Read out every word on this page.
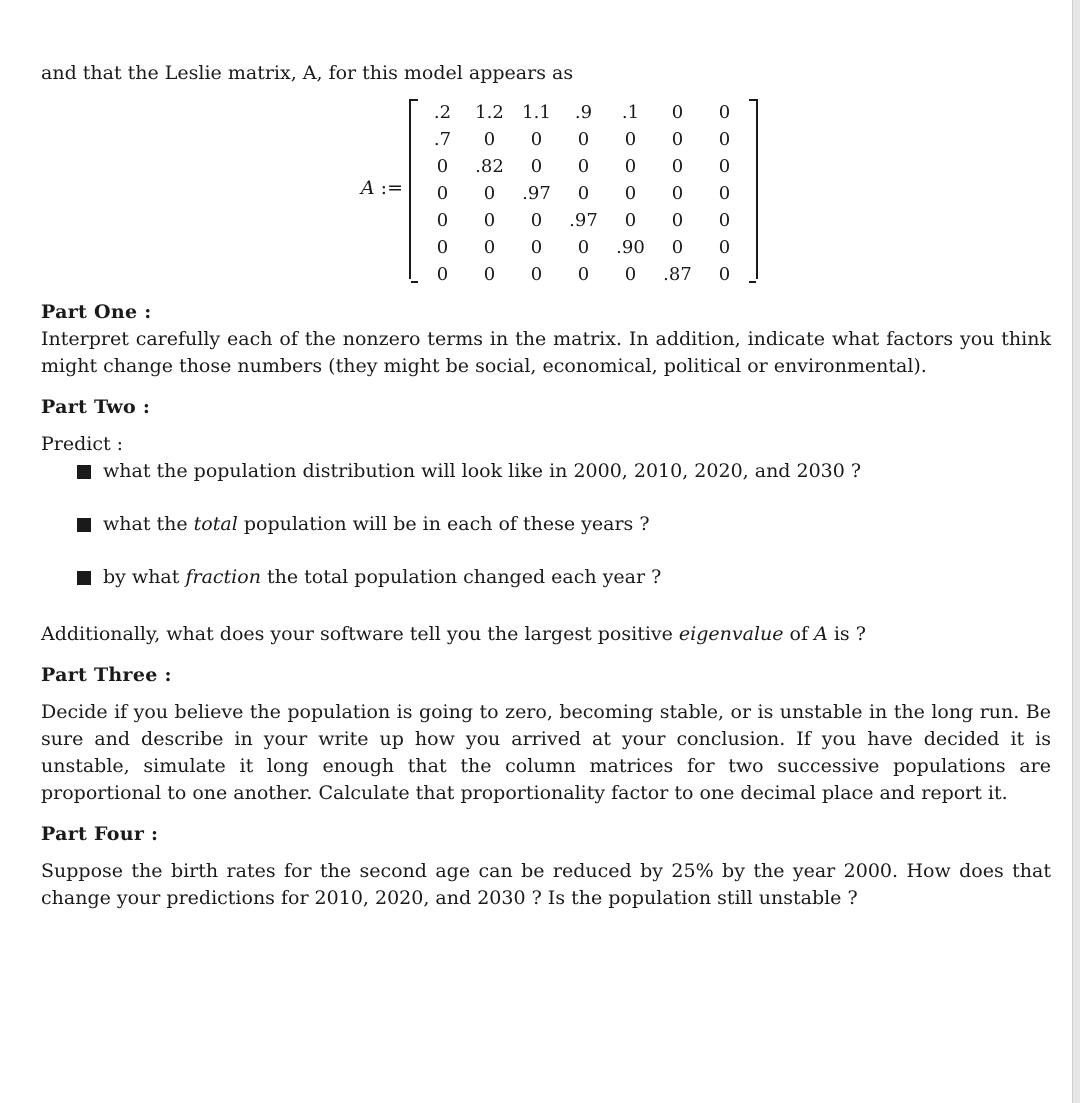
and that the Leslie matrix, A, for this model appears as

A :=
.2	1.2	1.1	.9	.1	0	0
.7	0	0	0	0	0	0
0	.82	0	0	0	0	0
0	0	.97	0	0	0	0
0	0	0	.97	0	0	0
0	0	0	0	.90	0	0
0	0	0	0	0	.87	0
Part One :

Interpret carefully each of the nonzero terms in the matrix. In addition, indicate what factors you think might change those numbers (they might be social, economical, political or environmental).

Part Two :

Predict :

what the population distribution will look like in 2000, 2010, 2020, and 2030 ?
what the total population will be in each of these years ?
by what fraction the total population changed each year ?

Additionally, what does your software tell you the largest positive eigenvalue of A is ?

Part Three :

Decide if you believe the population is going to zero, becoming stable, or is unstable in the long run. Be sure and describe in your write up how you arrived at your conclusion. If you have decided it is unstable, simulate it long enough that the column matrices for two successive populations are proportional to one another. Calculate that proportionality factor to one decimal place and report it.

Part Four :

Suppose the birth rates for the second age can be reduced by 25% by the year 2000. How does that change your predictions for 2010, 2020, and 2030 ? Is the population still unstable ?
